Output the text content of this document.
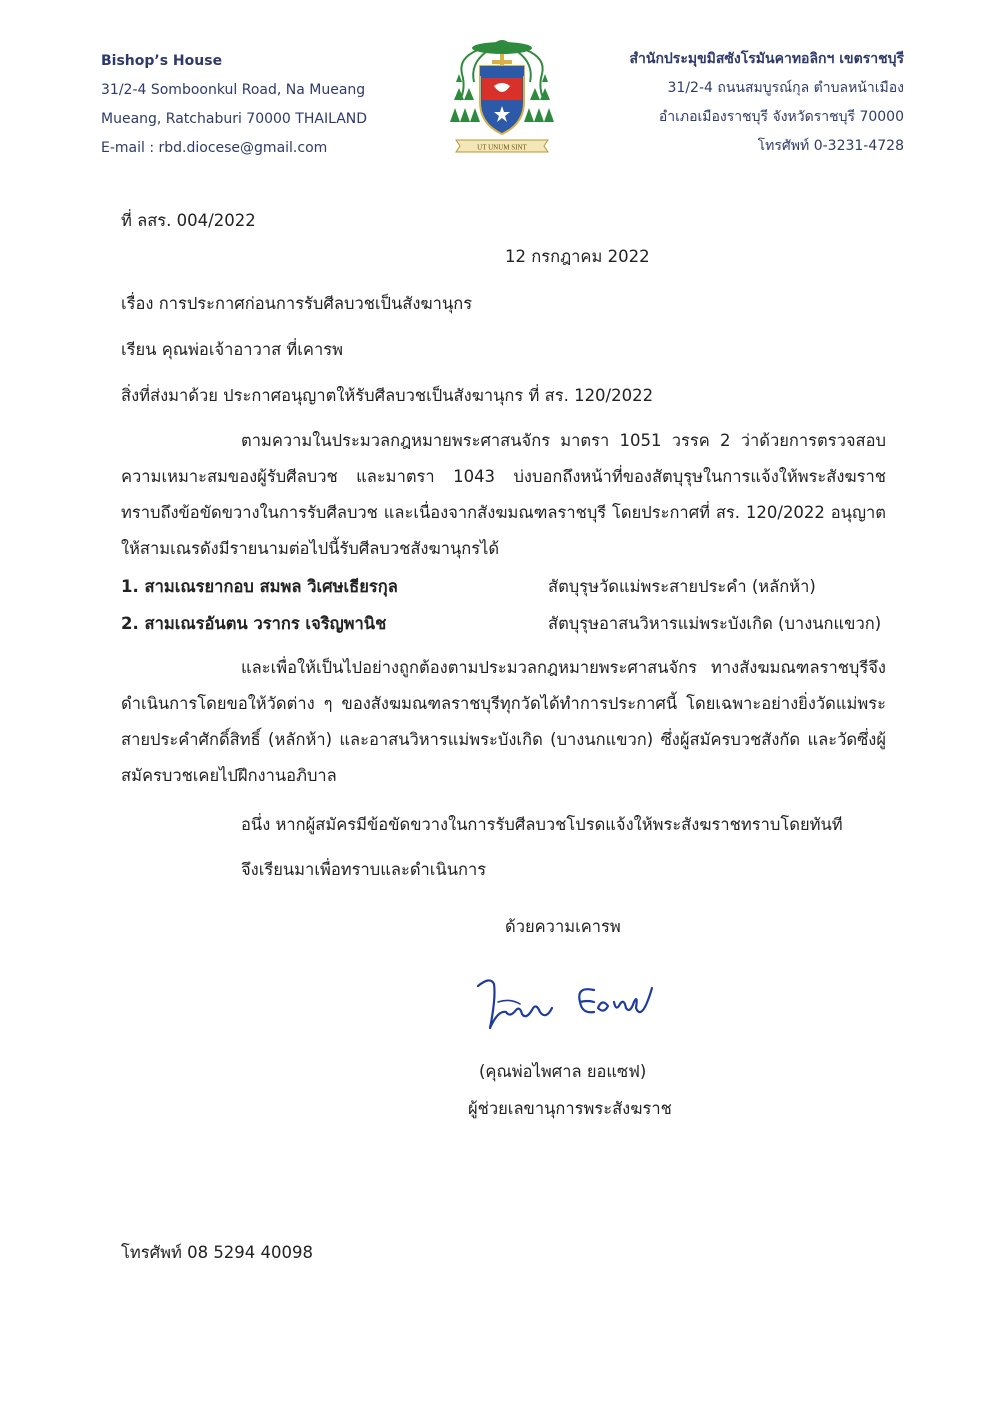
Bishop’s House
31/2-4 Somboonkul Road, Na Mueang
Mueang, Ratchaburi 70000 THAILAND
E-mail : rbd.diocese@gmail.com	UT UNUM SINT
สำนักประมุขมิสซังโรมันคาทอลิกฯ เขตราชบุรี
31/2-4 ถนนสมบูรณ์กุล ตำบลหน้าเมือง
อำเภอเมืองราชบุรี จังหวัดราชบุรี 70000
โทรศัพท์ 0-3231-4728
ที่ ลสร. 004/2022
12 กรกฎาคม 2022
เรื่อง การประกาศก่อนการรับศีลบวชเป็นสังฆานุกร
เรียน คุณพ่อเจ้าอาวาส ที่เคารพ
สิ่งที่ส่งมาด้วย ประกาศอนุญาตให้รับศีลบวชเป็นสังฆานุกร ที่ สร. 120/2022
ตามความในประมวลกฎหมายพระศาสนจักร มาตรา 1051 วรรค 2 ว่าด้วยการตรวจสอบความเหมาะสมของผู้รับศีลบวช และมาตรา 1043 บ่งบอกถึงหน้าที่ของสัตบุรุษในการแจ้งให้พระสังฆราชทราบถึงข้อขัดขวางในการรับศีลบวช และเนื่องจากสังฆมณฑลราชบุรี โดยประกาศที่ สร. 120/2022 อนุญาตให้สามเณรดังมีรายนามต่อไปนี้รับศีลบวชสังฆานุกรได้
1. สามเณรยากอบ สมพล วิเศษเธียรกุล	สัตบุรุษวัดแม่พระสายประคำ (หลักห้า)
2. สามเณรอันตน วรากร เจริญพานิช	สัตบุรุษอาสนวิหารแม่พระบังเกิด (บางนกแขวก)
และเพื่อให้เป็นไปอย่างถูกต้องตามประมวลกฎหมายพระศาสนจักร ทางสังฆมณฑลราชบุรีจึงดำเนินการโดยขอให้วัดต่าง ๆ ของสังฆมณฑลราชบุรีทุกวัดได้ทำการประกาศนี้ โดยเฉพาะอย่างยิ่งวัดแม่พระสายประคำศักดิ์สิทธิ์ (หลักห้า) และอาสนวิหารแม่พระบังเกิด (บางนกแขวก) ซึ่งผู้สมัครบวชสังกัด และวัดซึ่งผู้สมัครบวชเคยไปฝึกงานอภิบาล
อนึ่ง หากผู้สมัครมีข้อขัดขวางในการรับศีลบวชโปรดแจ้งให้พระสังฆราชทราบโดยทันที
จึงเรียนมาเพื่อทราบและดำเนินการ
ด้วยความเคารพ
(คุณพ่อไพศาล ยอแซฟ)
ผู้ช่วยเลขานุการพระสังฆราช
โทรศัพท์ 08 5294 40098
